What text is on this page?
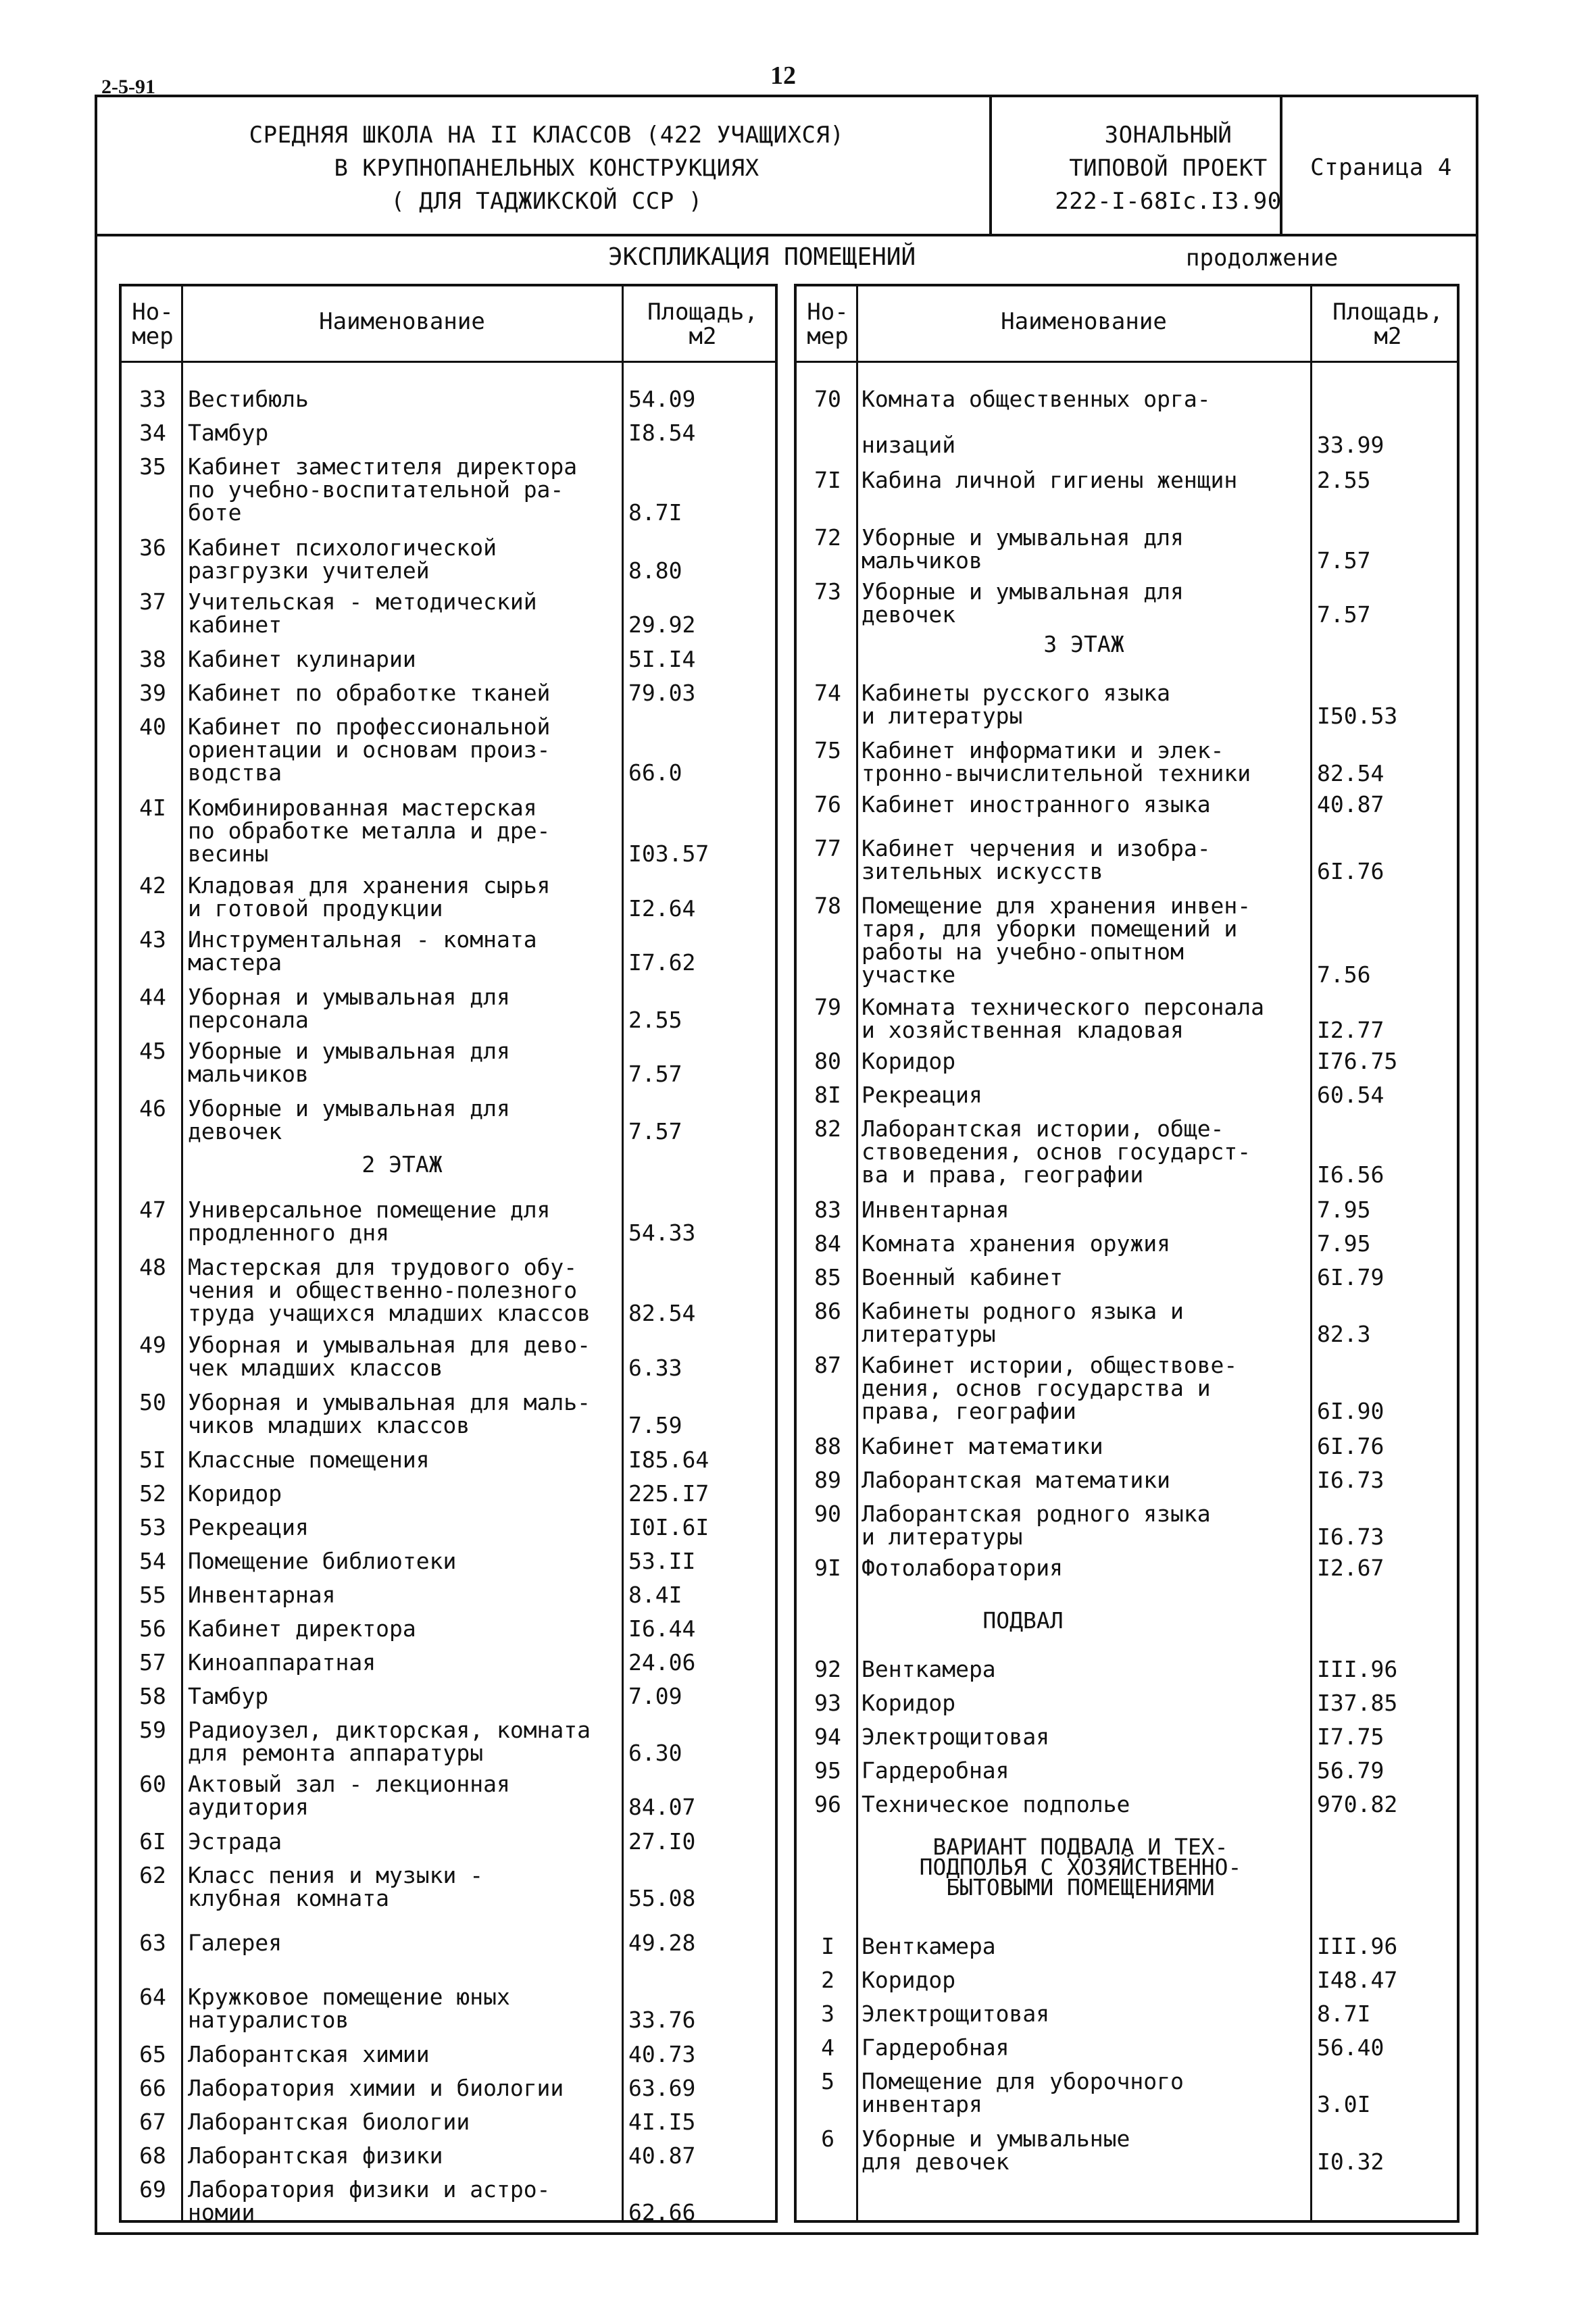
2-5-91	12
СРЕДНЯЯ ШКОЛА НА II КЛАССОВ (422 УЧАЩИХСЯ)
В КРУПНОПАНЕЛЬНЫХ КОНСТРУКЦИЯХ
( ДЛЯ ТАДЖИКСКОЙ ССР )
ЗОНАЛЬНЫЙ
ТИПОВОЙ ПРОЕКТ
222-I-68Iс.I3.90
Страница 4
ЭКСПЛИКАЦИЯ ПОМЕЩЕНИЙ	продолжение
Но-
мер
Наименование	Площадь,
м2
33 Вестибюль	54.09
34 Тамбур	I8.54
35 Кабинет заместителя директора
по учебно-воспитательной ра-
боте	8.7I
36 Кабинет психологической
разгрузки учителей	8.80
37 Учительская - методический
кабинет	29.92
38 Кабинет кулинарии	5I.I4
39 Кабинет по обработке тканей	79.03
40 Кабинет по профессиональной
ориентации и основам произ-
водства	66.0
4I Комбинированная мастерская
по обработке металла и дре-
весины	I03.57
42 Кладовая для хранения сырья
и готовой продукции	I2.64
43 Инструментальная - комната
мастера	I7.62
44 Уборная и умывальная для
персонала	2.55
45 Уборные и умывальная для
мальчиков	7.57
46 Уборные и умывальная для
девочек	7.57
47 Универсальное помещение для
продленного дня	54.33
48 Мастерская для трудового обу-
чения и общественно-полезного
труда учащихся младших классов	82.54
49 Уборная и умывальная для дево-
чек младших классов	6.33
50 Уборная и умывальная для маль-
чиков младших классов	7.59
5I Классные помещения	I85.64
52 Коридор	225.I7
53 Рекреация	I0I.6I
54 Помещение библиотеки	53.II
55 Инвентарная	8.4I
56 Кабинет директора	I6.44
57 Киноаппаратная	24.06
58 Тамбур	7.09
59 Радиоузел, дикторская, комната
для ремонта аппаратуры	6.30
60 Актовый зал - лекционная
аудитория	84.07
6I Эстрада	27.I0
62 Класс пения и музыки -
клубная комната	55.08
63 Галерея	49.28
64 Кружковое помещение юных
натуралистов	33.76
65 Лаборантская химии	40.73
66 Лаборатория химии и биологии	63.69
67 Лаборантская биологии	4I.I5
68 Лаборантская физики	40.87
69 Лаборатория физики и астро-
номии	62.66
2 ЭТАЖ
Но-
мер
Наименование	Площадь,
м2
70 Комната общественных орга-

низаций	33.99
7I Кабина личной гигиены женщин	2.55
72 Уборные и умывальная для
мальчиков	7.57
73 Уборные и умывальная для
девочек	7.57
74 Кабинеты русского языка
и литературы	I50.53
75 Кабинет информатики и элек-
тронно-вычислительной техники	82.54
76 Кабинет иностранного языка	40.87
77 Кабинет черчения и изобра-
зительных искусств	6I.76
78 Помещение для хранения инвен-
таря, для уборки помещений и
работы на учебно-опытном
участке	7.56
79 Комната технического персонала
и хозяйственная кладовая	I2.77
80 Коридор	I76.75
8I Рекреация	60.54
82 Лаборантская истории, обще-
ствоведения, основ государст-
ва и права, географии	I6.56
83 Инвентарная	7.95
84 Комната хранения оружия	7.95
85 Военный кабинет	6I.79
86 Кабинеты родного языка и
литературы	82.3
87 Кабинет истории, обществове-
дения, основ государства и
права, географии	6I.90
88 Кабинет математики	6I.76
89 Лаборантская математики	I6.73
90 Лаборантская родного языка
и литературы	I6.73
9I Фотолаборатория	I2.67
92 Венткамера	III.96
93 Коридор	I37.85
94 Электрощитовая	I7.75
95 Гардеробная	56.79
96 Техническое подполье	970.82
I	Венткамера	III.96
2	Коридор	I48.47
3	Электрощитовая	8.7I
4	Гардеробная	56.40
5	Помещение для уборочного
инвентаря	3.0I
6	Уборные и умывальные
для девочек	I0.32
3 ЭТАЖ
ПОДВАЛ
ВАРИАНТ ПОДВАЛА И ТЕХ-
ПОДПОЛЬЯ С ХОЗЯЙСТВЕННО-
БЫТОВЫМИ ПОМЕЩЕНИЯМИ
